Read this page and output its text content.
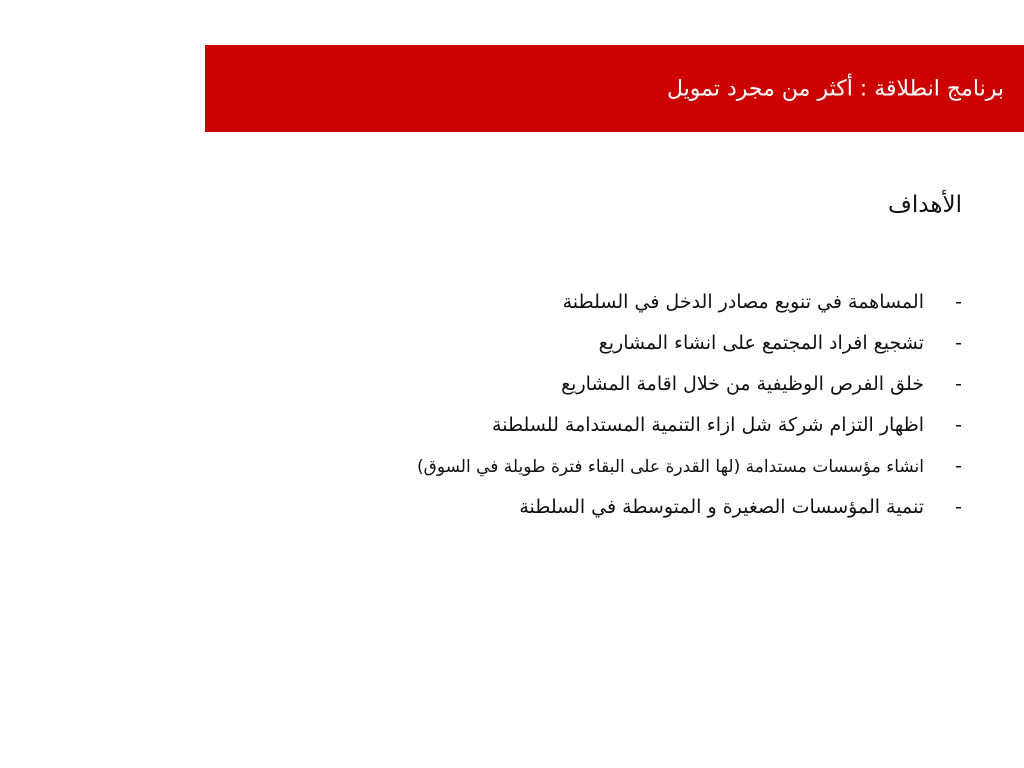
برنامج انطلاقة : أكثر من مجرد تمويل
الأهداف
-المساهمة في تنويع مصادر الدخل في السلطنة
-تشجيع افراد المجتمع على انشاء المشاريع
-خلق الفرص الوظيفية من خلال اقامة المشاريع
-اظهار التزام شركة شل ازاء التنمية المستدامة للسلطنة
-انشاء مؤسسات مستدامة (لها القدرة على البقاء فترة طويلة في السوق)
-تنمية المؤسسات الصغيرة و المتوسطة في السلطنة
